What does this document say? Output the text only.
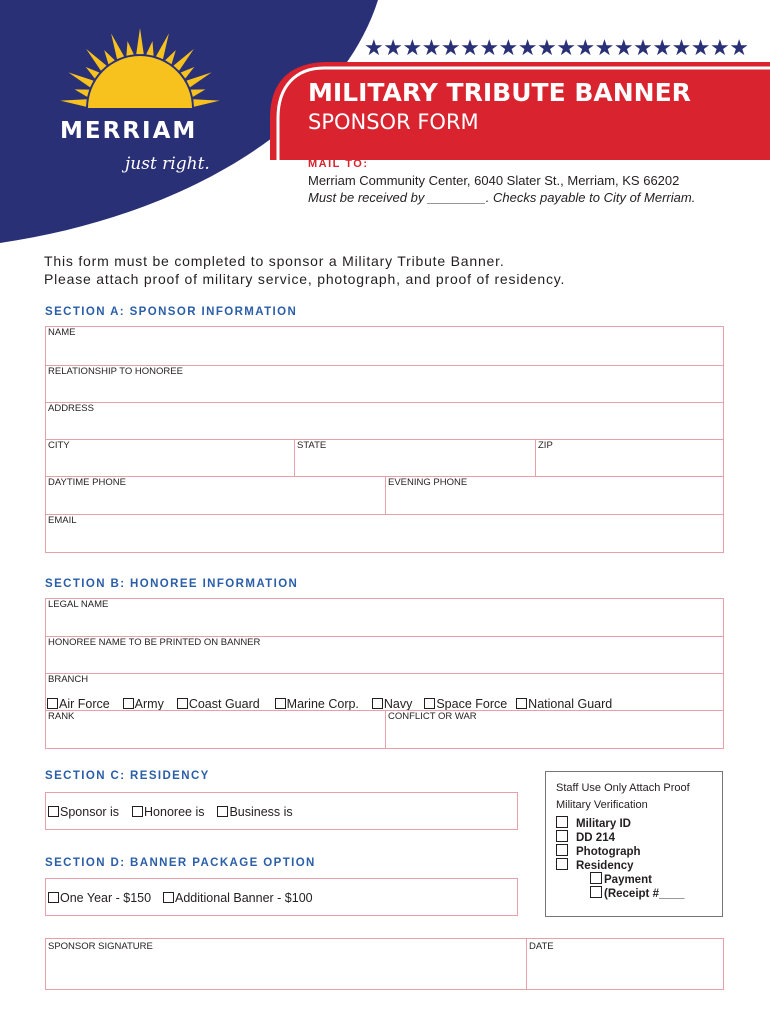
MERRIAM
just right.
★★★★★★★★★★★★★★★★★★★★
MILITARY TRIBUTE BANNER
SPONSOR FORM
MAIL TO:
Merriam Community Center, 6040 Slater St., Merriam, KS 66202
Must be received by ________. Checks payable to City of Merriam.
This form must be completed to sponsor a Military Tribute Banner.
Please attach proof of military service, photograph, and proof of residency.
SECTION A: SPONSOR INFORMATION
NAME
RELATIONSHIP TO HONOREE
ADDRESS
CITY	STATE	ZIP
DAYTIME PHONE	EVENING PHONE
EMAIL
SECTION B: HONOREE INFORMATION
LEGAL NAME
HONOREE NAME TO BE PRINTED ON BANNER
BRANCH
Air Force Army Coast Guard Marine Corp. Navy Space Force National Guard
RANK	CONFLICT OR WAR
SECTION C: RESIDENCY
Sponsor is Honoree is Business is
SECTION D: BANNER PACKAGE OPTION
One Year - $150 Additional Banner - $100
Staff Use Only Attach Proof
Military Verification
Military ID
DD 214
Photograph
Residency
Payment
(Receipt #____
SPONSOR SIGNATURE	DATE
